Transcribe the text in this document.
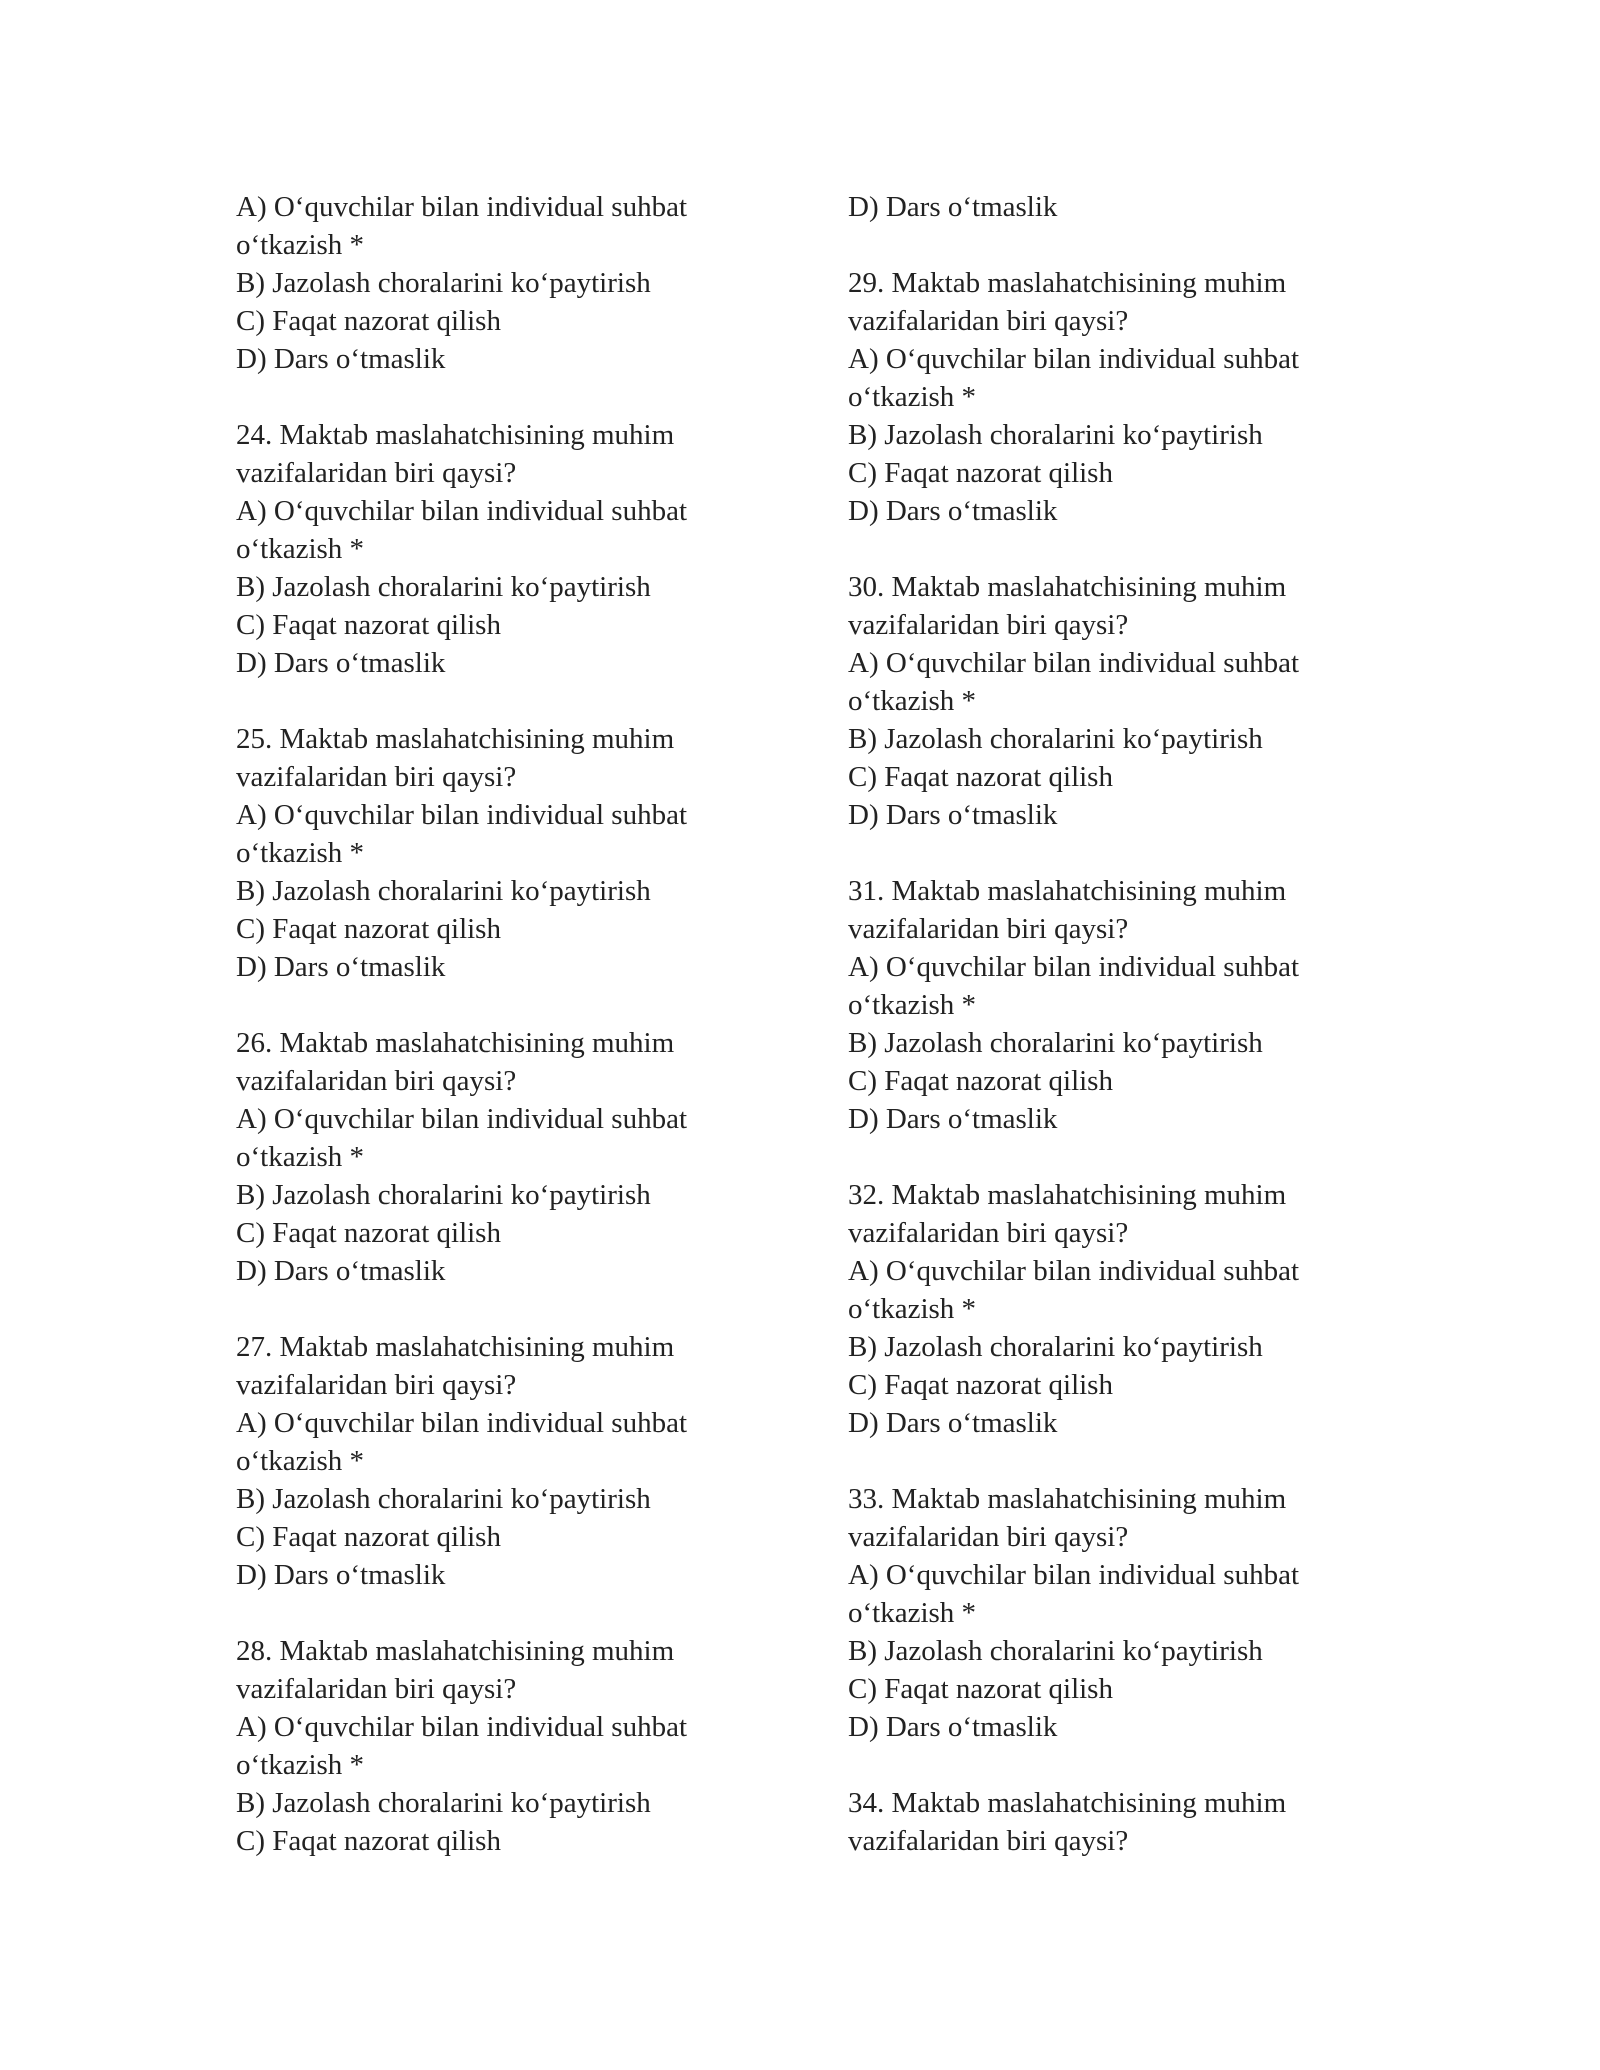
A) O‘quvchilar bilan individual suhbat
o‘tkazish *
B) Jazolash choralarini ko‘paytirish
C) Faqat nazorat qilish
D) Dars o‘tmaslik
24. Maktab maslahatchisining muhim
vazifalaridan biri qaysi?
A) O‘quvchilar bilan individual suhbat
o‘tkazish *
B) Jazolash choralarini ko‘paytirish
C) Faqat nazorat qilish
D) Dars o‘tmaslik
25. Maktab maslahatchisining muhim
vazifalaridan biri qaysi?
A) O‘quvchilar bilan individual suhbat
o‘tkazish *
B) Jazolash choralarini ko‘paytirish
C) Faqat nazorat qilish
D) Dars o‘tmaslik
26. Maktab maslahatchisining muhim
vazifalaridan biri qaysi?
A) O‘quvchilar bilan individual suhbat
o‘tkazish *
B) Jazolash choralarini ko‘paytirish
C) Faqat nazorat qilish
D) Dars o‘tmaslik
27. Maktab maslahatchisining muhim
vazifalaridan biri qaysi?
A) O‘quvchilar bilan individual suhbat
o‘tkazish *
B) Jazolash choralarini ko‘paytirish
C) Faqat nazorat qilish
D) Dars o‘tmaslik
28. Maktab maslahatchisining muhim
vazifalaridan biri qaysi?
A) O‘quvchilar bilan individual suhbat
o‘tkazish *
B) Jazolash choralarini ko‘paytirish
C) Faqat nazorat qilish
D) Dars o‘tmaslik
29. Maktab maslahatchisining muhim
vazifalaridan biri qaysi?
A) O‘quvchilar bilan individual suhbat
o‘tkazish *
B) Jazolash choralarini ko‘paytirish
C) Faqat nazorat qilish
D) Dars o‘tmaslik
30. Maktab maslahatchisining muhim
vazifalaridan biri qaysi?
A) O‘quvchilar bilan individual suhbat
o‘tkazish *
B) Jazolash choralarini ko‘paytirish
C) Faqat nazorat qilish
D) Dars o‘tmaslik
31. Maktab maslahatchisining muhim
vazifalaridan biri qaysi?
A) O‘quvchilar bilan individual suhbat
o‘tkazish *
B) Jazolash choralarini ko‘paytirish
C) Faqat nazorat qilish
D) Dars o‘tmaslik
32. Maktab maslahatchisining muhim
vazifalaridan biri qaysi?
A) O‘quvchilar bilan individual suhbat
o‘tkazish *
B) Jazolash choralarini ko‘paytirish
C) Faqat nazorat qilish
D) Dars o‘tmaslik
33. Maktab maslahatchisining muhim
vazifalaridan biri qaysi?
A) O‘quvchilar bilan individual suhbat
o‘tkazish *
B) Jazolash choralarini ko‘paytirish
C) Faqat nazorat qilish
D) Dars o‘tmaslik
34. Maktab maslahatchisining muhim
vazifalaridan biri qaysi?
